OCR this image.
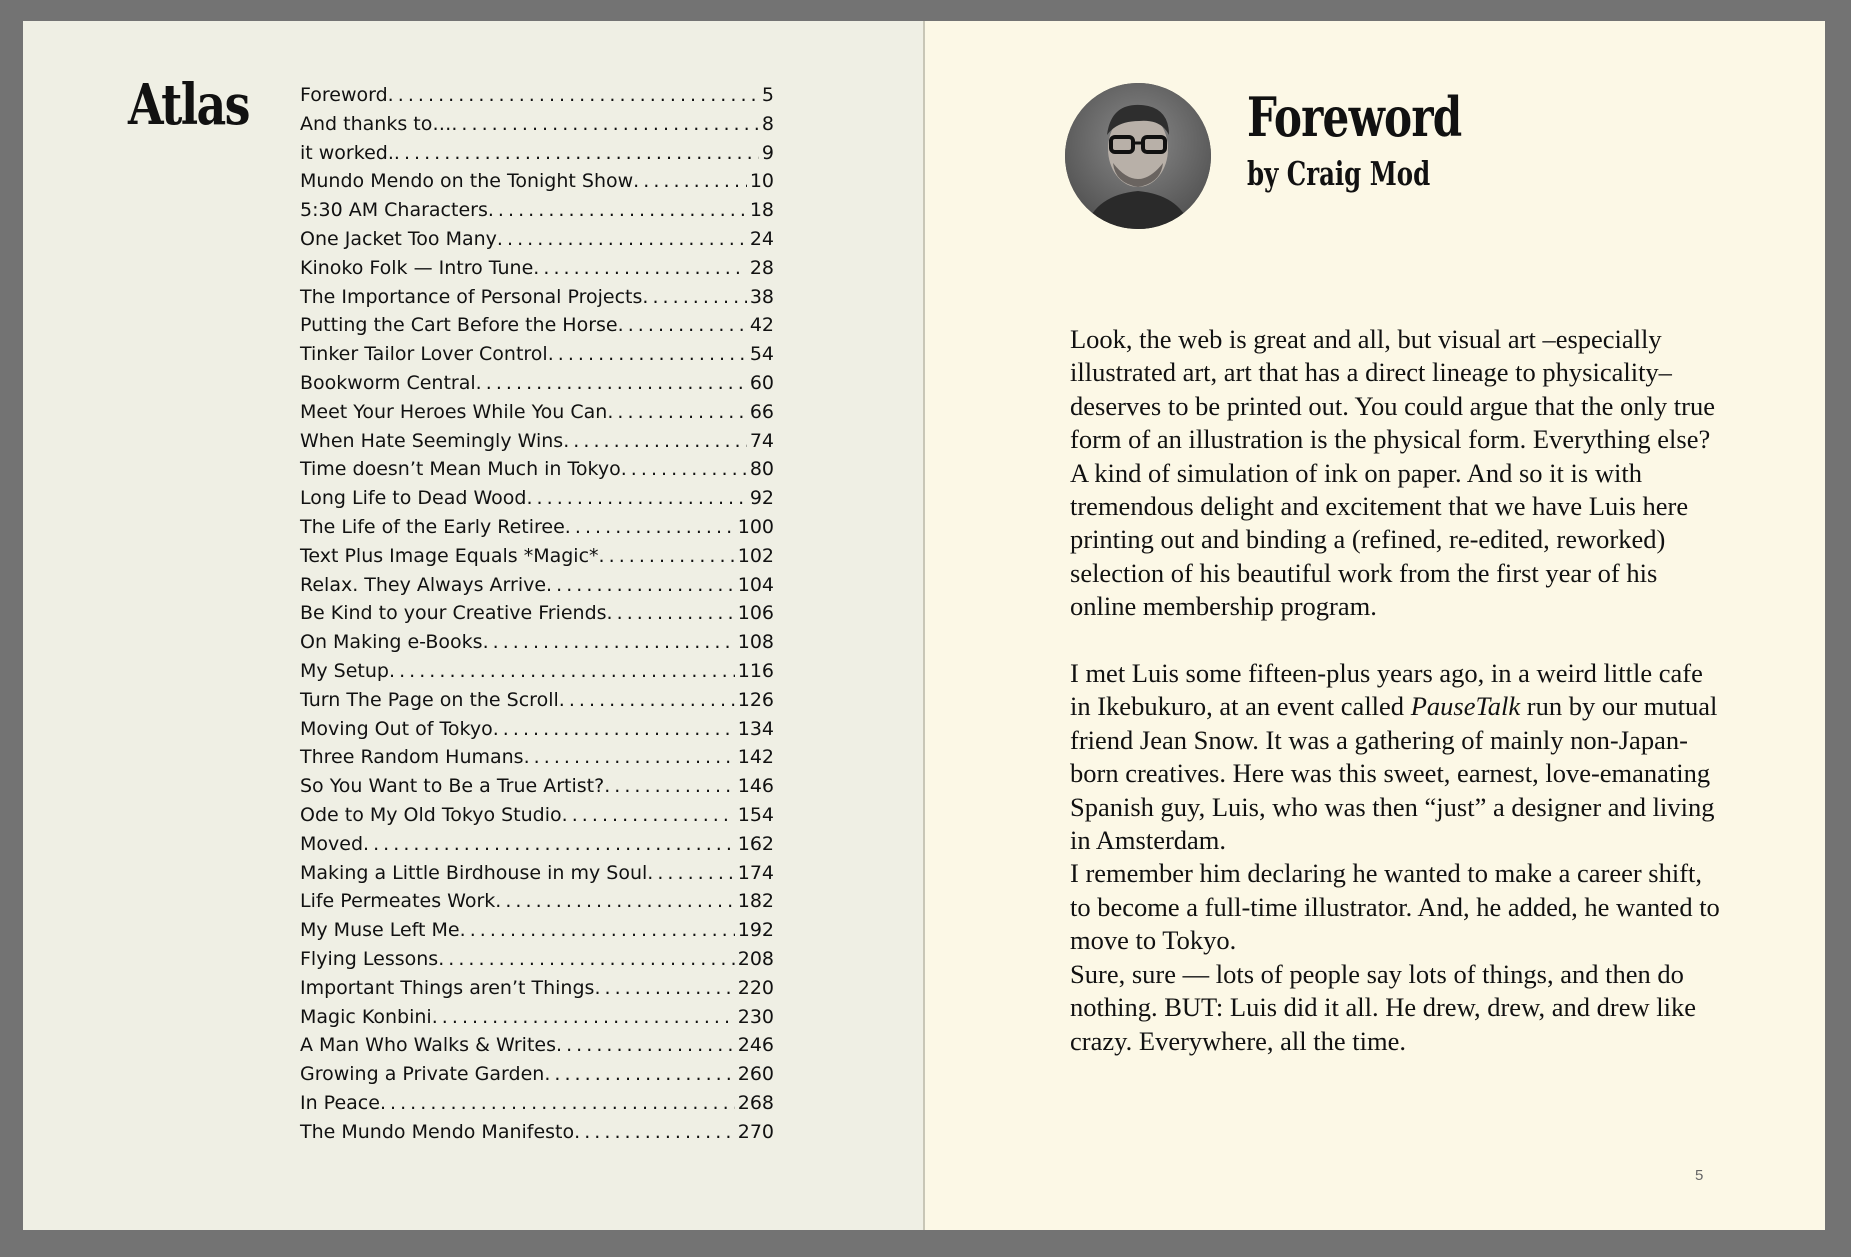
Atlas	Foreword . . .	5
And thanks to… . . .	8
it worked. . . .	9
Mundo Mendo on the Tonight Show . . .	10
5:30 AM Characters . . .	18
One Jacket Too Many . . .	24
Kinoko Folk — Intro Tune . . .	28
The Importance of Personal Projects . . .	38
Putting the Cart Before the Horse . . .	42
Tinker Tailor Lover Control . . .	54
Bookworm Central . . .	60
Meet Your Heroes While You Can . . .	66
When Hate Seemingly Wins . . .	74
Time doesn’t Mean Much in Tokyo . . .	80
Long Life to Dead Wood . . .	92
The Life of the Early Retiree . . .	100
Text Plus Image Equals *Magic* . . .	102
Relax. They Always Arrive . . .	104
Be Kind to your Creative Friends . . .	106
On Making e-Books . . .	108
My Setup . . .	116
Turn The Page on the Scroll . . .	126
Moving Out of Tokyo . . .	134
Three Random Humans . . .	142
So You Want to Be a True Artist? . . .	146
Ode to My Old Tokyo Studio . . .	154
Moved . . .	162
Making a Little Birdhouse in my Soul . . .	174
Life Permeates Work . . .	182
My Muse Left Me . . .	192
Flying Lessons . . .	208
Important Things aren’t Things . . .	220
Magic Konbini . . .	230
A Man Who Walks & Writes . . .	246
Growing a Private Garden . . .	260
In Peace . . .	268
The Mundo Mendo Manifesto . . .	270
Foreword
by Craig Mod

Look, the web is great and all, but visual art –especially illustrated art, art that has a direct lineage to physicality– deserves to be printed out. You could argue that the only true form of an illustration is the physical form. Everything else? A kind of simulation of ink on paper. And so it is with tremendous delight and excitement that we have Luis here printing out and binding a (refined, re-edited, reworked) selection of his beautiful work from the first year of his online membership program.

I met Luis some fifteen-plus years ago, in a weird little cafe in Ikebukuro, at an event called PauseTalk run by our mutual friend Jean Snow. It was a gathering of mainly non-Japan-born creatives. Here was this sweet, earnest, love-emanating Spanish guy, Luis, who was then “just” a designer and living in Amsterdam.

I remember him declaring he wanted to make a career shift, to become a full-time illustrator. And, he added, he wanted to move to Tokyo.

Sure, sure — lots of people say lots of things, and then do nothing. BUT: Luis did it all. He drew, drew, and drew like crazy. Everywhere, all the time.

5
